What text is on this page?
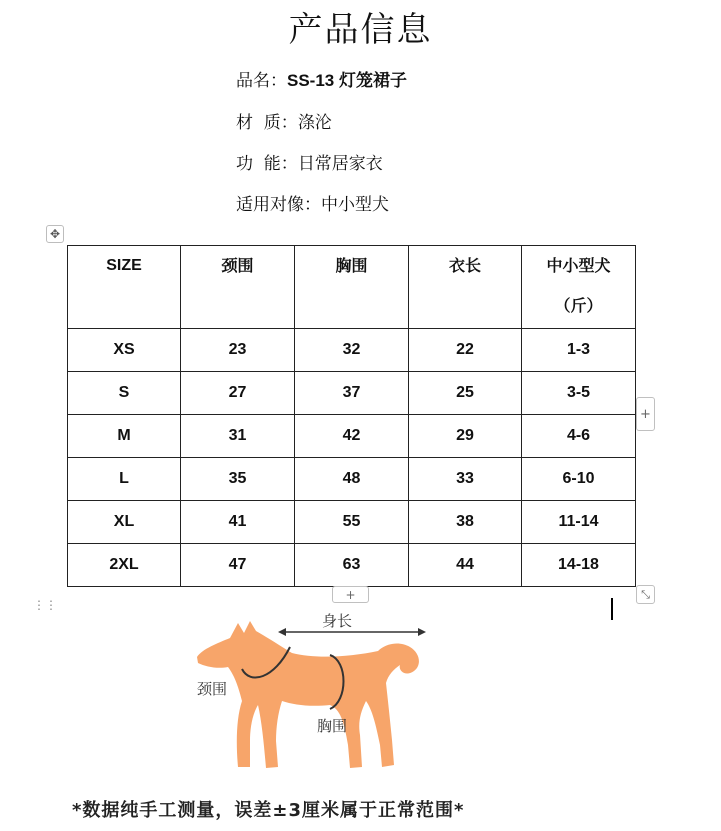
产品信息
品名：SS-13 灯笼裙子
材  质：涤沦
功  能：日常居家衣
适用对像：中小型犬
✥
SIZE	颈围	胸围	衣长	中小型犬
（斤）

XS	23	32	22	1-3
S	27	37	25	3-5
M	31	42	29	4-6
L	35	48	33	6-10
XL	41	55	38	11-14
2XL	47	63	44	14-18
+
+	⤡
⋮⋮
身长
颈围
胸围
*数据纯手工测量，误差±3厘米属于正常范围*
